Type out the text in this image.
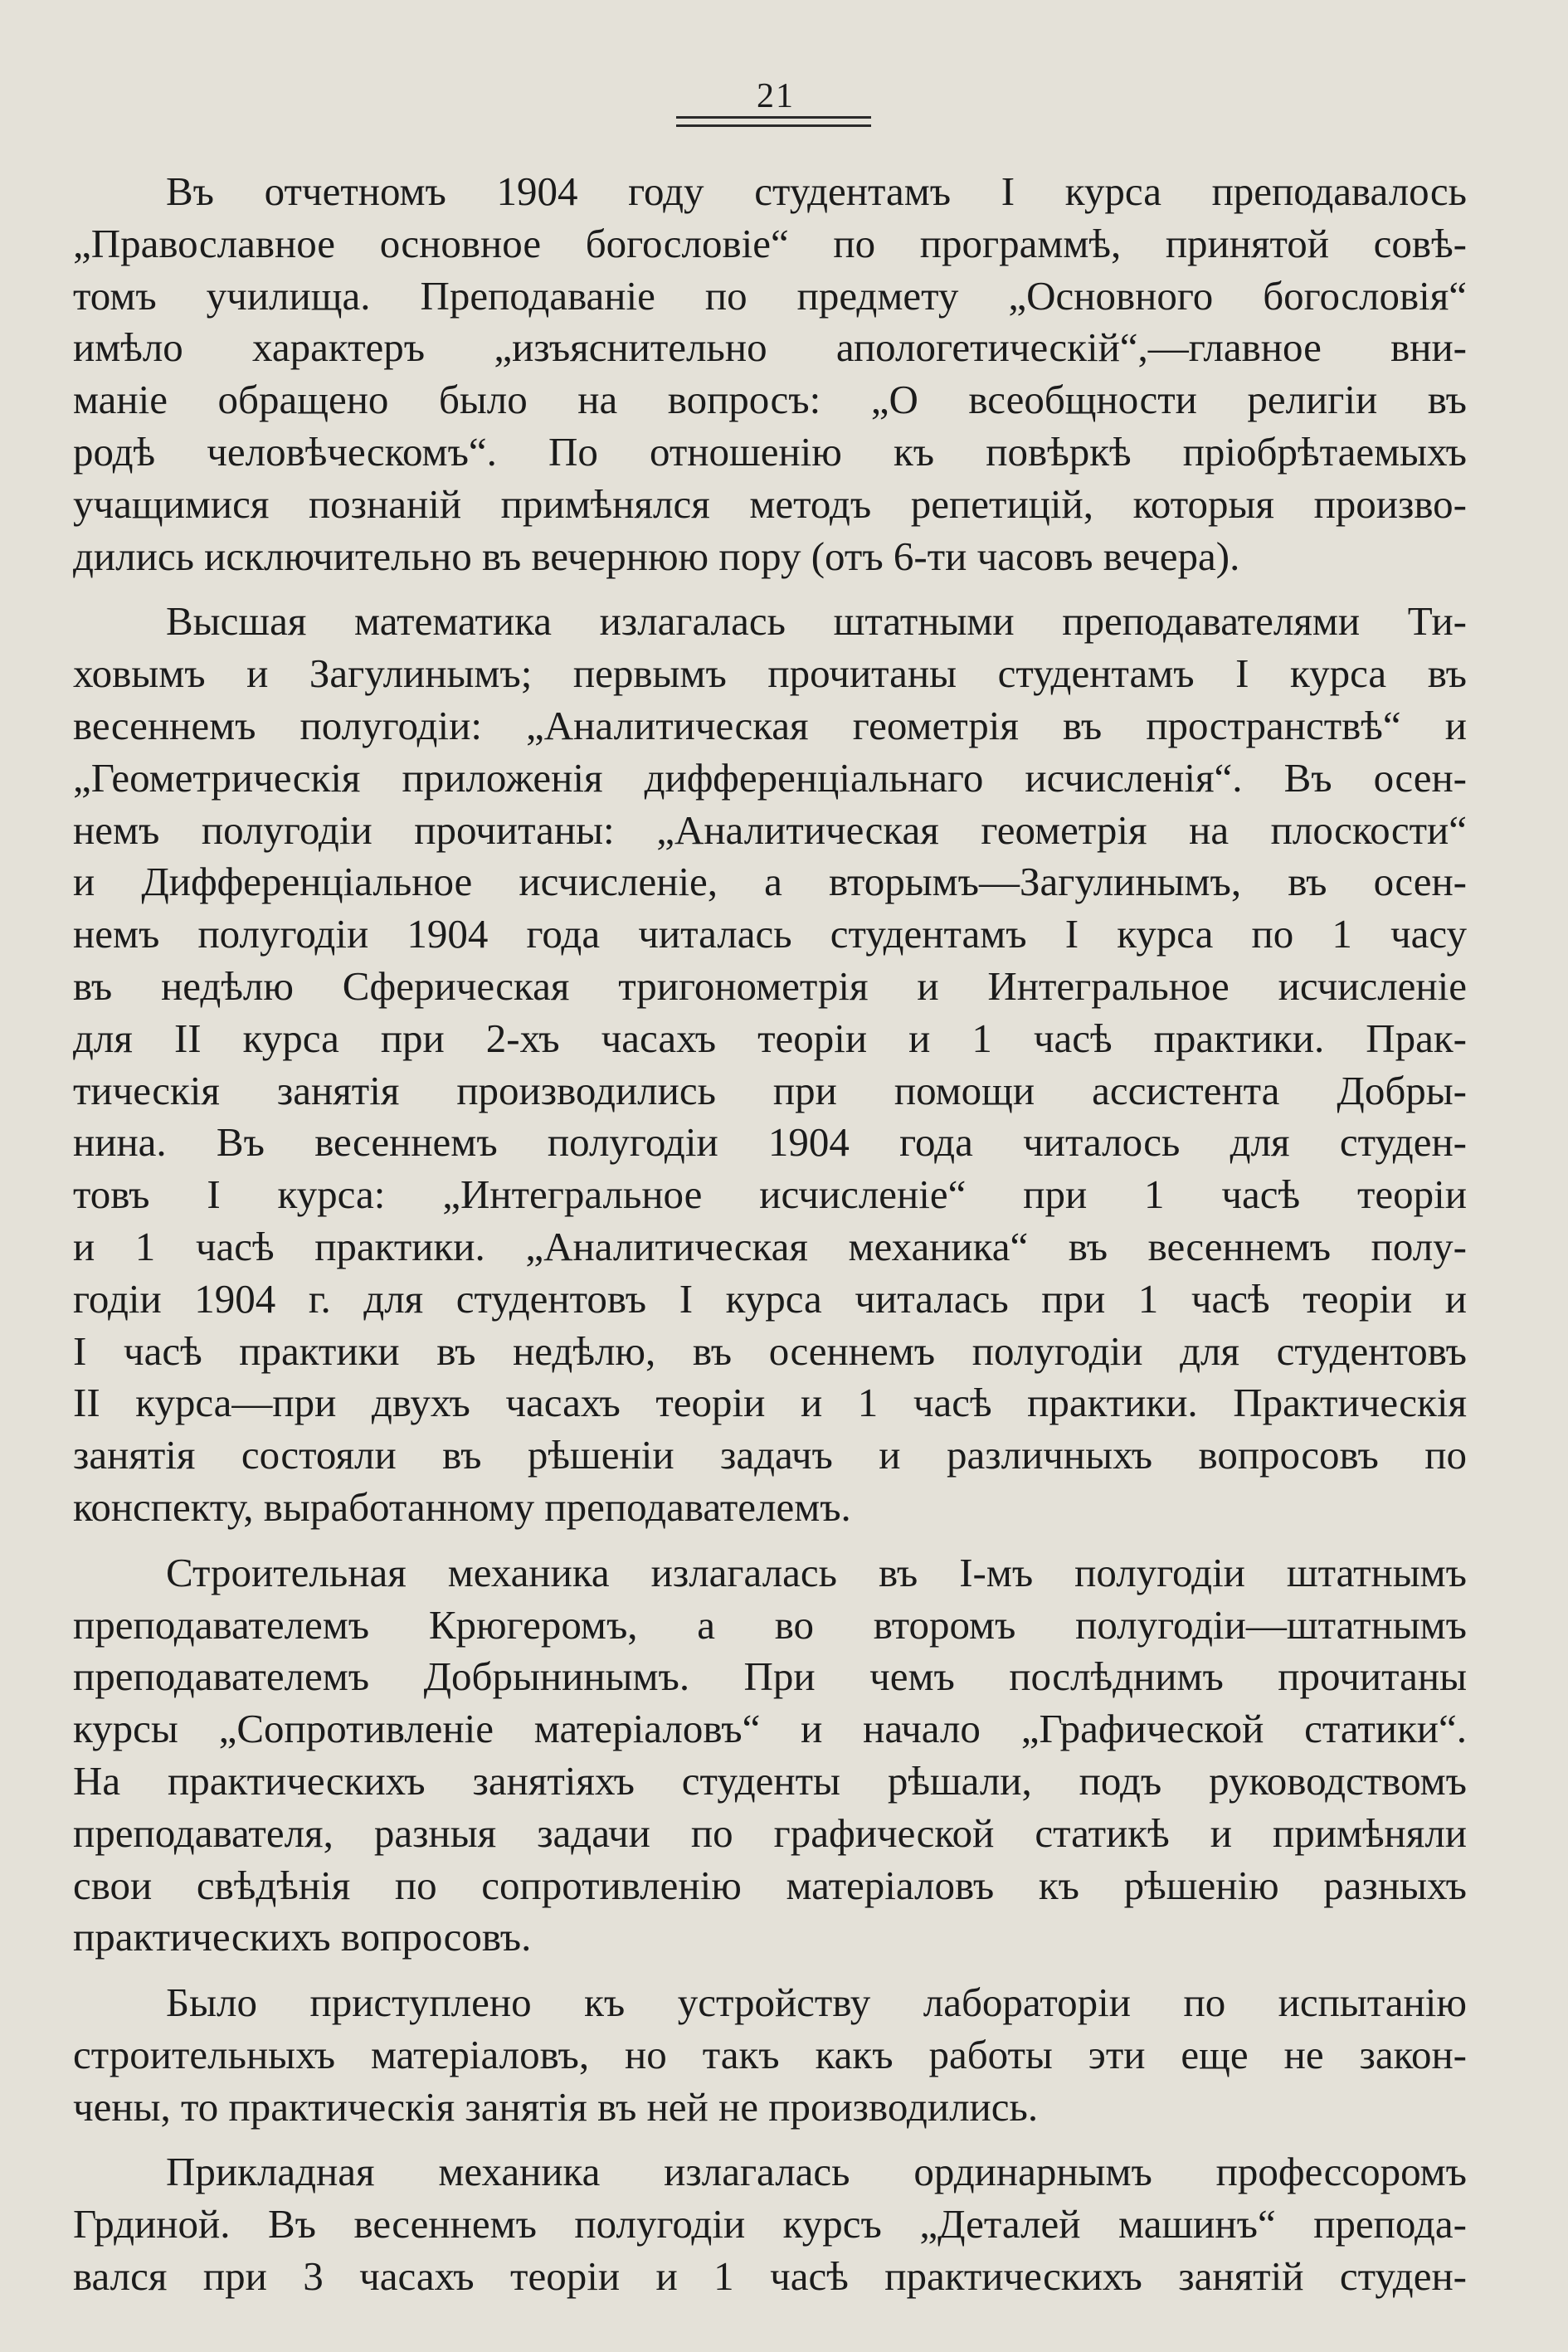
21
Въ отчетномъ 1904 году студентамъ I курса преподавалось
„Православное основное богословіе“ по программѣ, принятой совѣ-
томъ училища. Преподаваніе по предмету „Основного богословія“
имѣло характеръ „изъяснительно апологетическій“,—главное вни-
маніе обращено было на вопросъ: „О всеобщности религіи въ
родѣ человѣческомъ“. По отношенію къ повѣркѣ пріобрѣтаемыхъ
учащимися познаній примѣнялся методъ репетицій, которыя произво-
дились исключительно въ вечернюю пору (отъ 6-ти часовъ вечера).
Высшая математика излагалась штатными преподавателями Ти-
ховымъ и Загулинымъ; первымъ прочитаны студентамъ I курса въ
весеннемъ полугодіи: „Аналитическая геометрія въ пространствѣ“ и
„Геометрическія приложенія дифференціальнаго исчисленія“. Въ осен-
немъ полугодіи прочитаны: „Аналитическая геометрія на плоскости“
и Дифференціальное исчисленіе, а вторымъ—Загулинымъ, въ осен-
немъ полугодіи 1904 года читалась студентамъ I курса по 1 часу
въ недѣлю Сферическая тригонометрія и Интегральное исчисленіе
для II курса при 2-хъ часахъ теоріи и 1 часѣ практики. Прак-
тическія занятія производились при помощи ассистента Добры-
нина. Въ весеннемъ полугодіи 1904 года читалось для студен-
товъ I курса: „Интегральное исчисленіе“ при 1 часѣ теоріи
и 1 часѣ практики. „Аналитическая механика“ въ весеннемъ полу-
годіи 1904 г. для студентовъ I курса читалась при 1 часѣ теоріи и
I часѣ практики въ недѣлю, въ осеннемъ полугодіи для студентовъ
II курса—при двухъ часахъ теоріи и 1 часѣ практики. Практическія
занятія состояли въ рѣшеніи задачъ и различныхъ вопросовъ по
конспекту, выработанному преподавателемъ.
Строительная механика излагалась въ I-мъ полугодіи штатнымъ
преподавателемъ Крюгеромъ, а во второмъ полугодіи—штатнымъ
преподавателемъ Добрынинымъ. При чемъ послѣднимъ прочитаны
курсы „Сопротивленіе матеріаловъ“ и начало „Графической статики“.
На практическихъ занятіяхъ студенты рѣшали, подъ руководствомъ
преподавателя, разныя задачи по графической статикѣ и примѣняли
свои свѣдѣнія по сопротивленію матеріаловъ къ рѣшенію разныхъ
практическихъ вопросовъ.
Было приступлено къ устройству лабораторіи по испытанію
строительныхъ матеріаловъ, но такъ какъ работы эти еще не закон-
чены, то практическія занятія въ ней не производились.
Прикладная механика излагалась ординарнымъ профессоромъ
Грдиной. Въ весеннемъ полугодіи курсъ „Деталей машинъ“ препода-
вался при 3 часахъ теоріи и 1 часѣ практическихъ занятій студен-
